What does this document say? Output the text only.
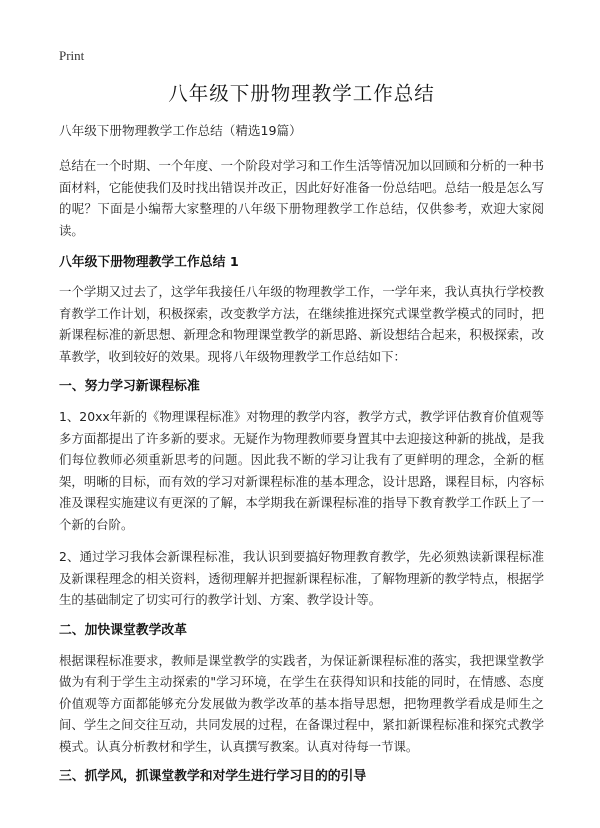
Print
八年级下册物理教学工作总结
八年级下册物理教学工作总结（精选19篇）

总结在一个时期、一个年度、一个阶段对学习和工作生活等情况加以回顾和分析的一种书面材料，它能使我们及时找出错误并改正，因此好好准备一份总结吧。总结一般是怎么写的呢？下面是小编帮大家整理的八年级下册物理教学工作总结，仅供参考，欢迎大家阅读。

八年级下册物理教学工作总结 1

一个学期又过去了，这学年我接任八年级的物理教学工作，一学年来，我认真执行学校教育教学工作计划，积极探索，改变教学方法，在继续推进探究式课堂教学模式的同时，把新课程标准的新思想、新理念和物理课堂教学的新思路、新设想结合起来，积极探索，改革教学，收到较好的效果。现将八年级物理教学工作总结如下：

一、努力学习新课程标准

1、20xx年新的《物理课程标准》对物理的教学内容，教学方式，教学评估教育价值观等多方面都提出了许多新的要求。无疑作为物理教师要身置其中去迎接这种新的挑战，是我们每位教师必须重新思考的问题。因此我不断的学习让我有了更鲜明的理念，全新的框架，明晰的目标，而有效的学习对新课程标准的基本理念，设计思路，课程目标，内容标准及课程实施建议有更深的了解，本学期我在新课程标准的指导下教育教学工作跃上了一个新的台阶。

2、通过学习我体会新课程标准，我认识到要搞好物理教育教学，先必须熟读新课程标准及新课程理念的相关资料，透彻理解并把握新课程标准，了解物理新的教学特点，根据学生的基础制定了切实可行的教学计划、方案、教学设计等。

二、加快课堂教学改革

根据课程标准要求，教师是课堂教学的实践者，为保证新课程标准的落实，我把课堂教学做为有利于学生主动探索的"学习环境，在学生在获得知识和技能的同时，在情感、态度价值观等方面都能够充分发展做为教学改革的基本指导思想，把物理教学看成是师生之间、学生之间交往互动，共同发展的过程，在备课过程中，紧扣新课程标准和探究式教学模式。认真分析教材和学生，认真撰写教案。认真对待每一节课。

三、抓学风，抓课堂教学和对学生进行学习目的的引导
